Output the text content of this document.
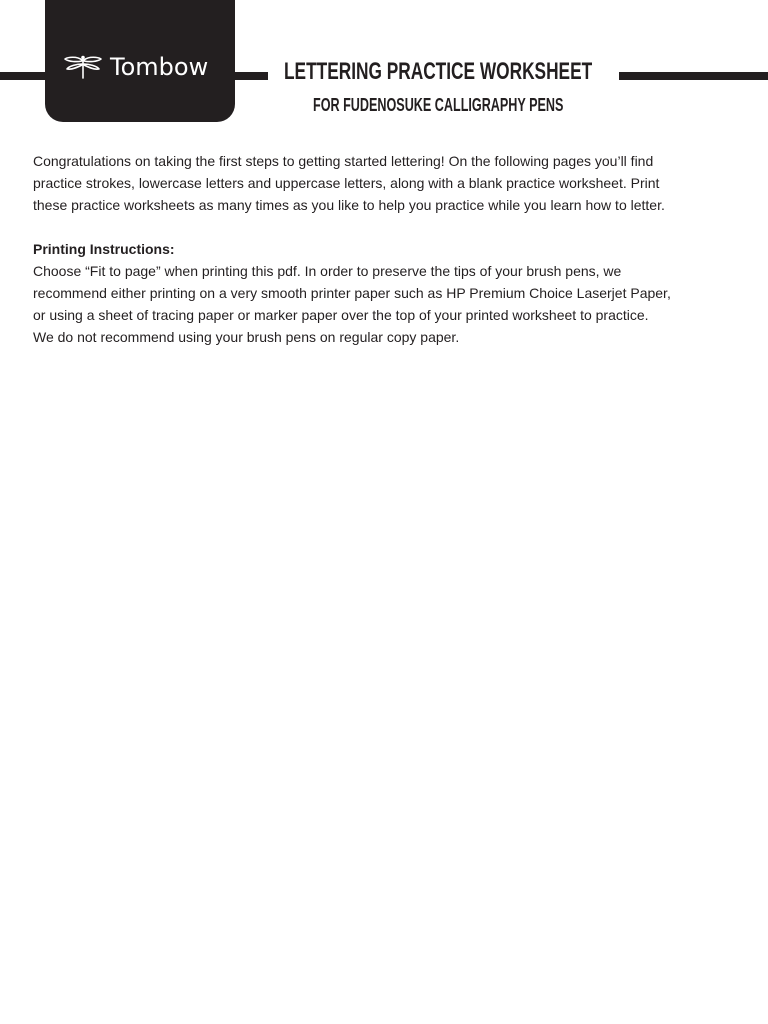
Tombow	LETTERING PRACTICE WORKSHEET
FOR FUDENOSUKE CALLIGRAPHY PENS

Congratulations on taking the first steps to getting started lettering! On the following pages you’ll find
practice strokes, lowercase letters and uppercase letters, along with a blank practice worksheet. Print
these practice worksheets as many times as you like to help you practice while you learn how to letter.

Printing Instructions:
Choose “Fit to page” when printing this pdf. In order to preserve the tips of your brush pens, we
recommend either printing on a very smooth printer paper such as HP Premium Choice Laserjet Paper,
or using a sheet of tracing paper or marker paper over the top of your printed worksheet to practice.
We do not recommend using your brush pens on regular copy paper.
